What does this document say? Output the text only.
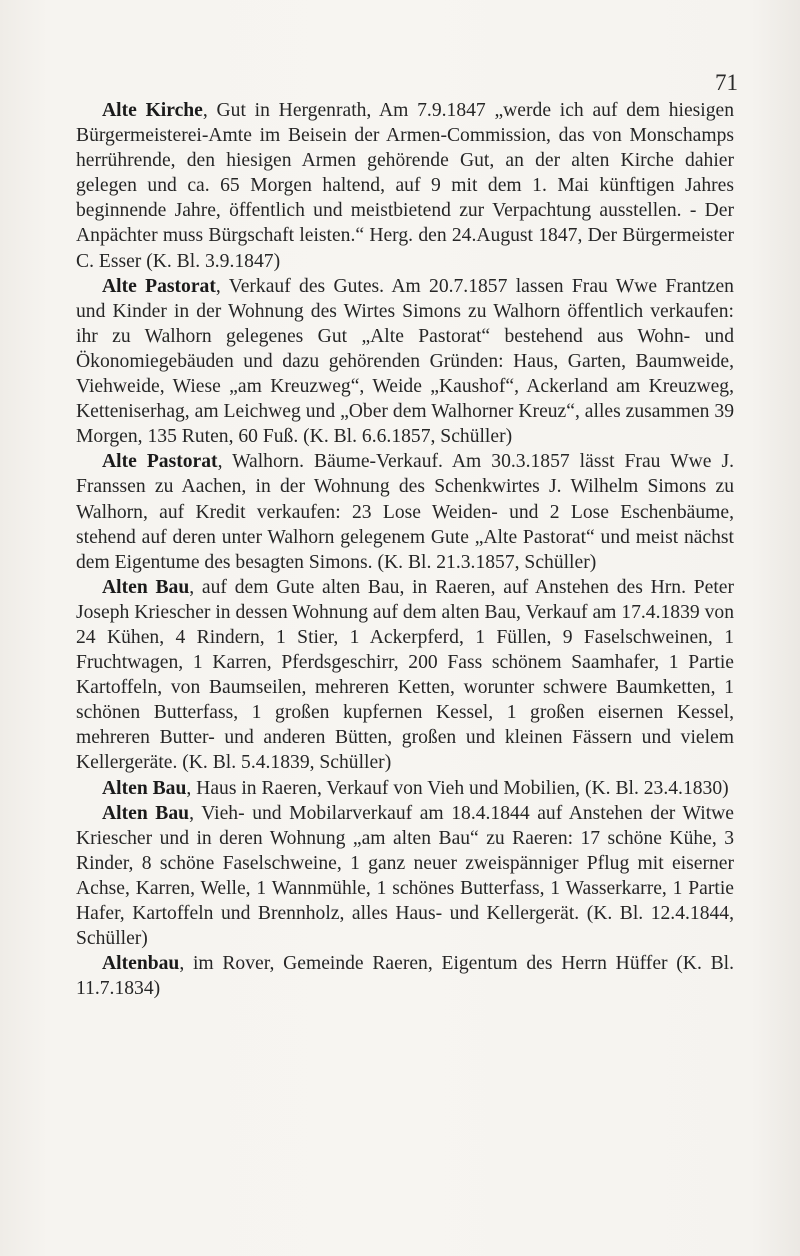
71

Alte Kirche, Gut in Hergenrath, Am 7.9.1847 „werde ich auf dem hiesigen Bürgermeisterei-Amte im Beisein der Armen-Commission, das von Monschamps herrührende, den hiesigen Armen gehörende Gut, an der alten Kirche dahier gelegen und ca. 65 Morgen haltend, auf 9 mit dem 1. Mai künftigen Jahres beginnende Jahre, öffentlich und meistbietend zur Verpachtung ausstellen. - Der Anpächter muss Bürgschaft leisten.“ Herg. den 24.August 1847, Der Bürgermeister C. Esser (K. Bl. 3.9.1847)

Alte Pastorat, Verkauf des Gutes. Am 20.7.1857 lassen Frau Wwe Frantzen und Kinder in der Wohnung des Wirtes Simons zu Walhorn öffentlich verkaufen: ihr zu Walhorn gelegenes Gut „Alte Pastorat“ bestehend aus Wohn- und Ökonomiegebäuden und dazu gehörenden Gründen: Haus, Garten, Baumweide, Viehweide, Wiese „am Kreuzweg“, Weide „Kaushof“, Ackerland am Kreuzweg, Ketteniserhag, am Leichweg und „Ober dem Walhorner Kreuz“, alles zusammen 39 Morgen, 135 Ruten, 60 Fuß. (K. Bl. 6.6.1857, Schüller)

Alte Pastorat, Walhorn. Bäume-Verkauf. Am 30.3.1857 lässt Frau Wwe J. Franssen zu Aachen, in der Wohnung des Schenkwirtes J. Wilhelm Simons zu Walhorn, auf Kredit verkaufen: 23 Lose Weiden- und 2 Lose Eschenbäume, stehend auf deren unter Walhorn gelegenem Gute „Alte Pastorat“ und meist nächst dem Eigentume des besagten Simons. (K. Bl. 21.3.1857, Schüller)

Alten Bau, auf dem Gute alten Bau, in Raeren, auf Anstehen des Hrn. Peter Joseph Kriescher in dessen Wohnung auf dem alten Bau, Verkauf am 17.4.1839 von 24 Kühen, 4 Rindern, 1 Stier, 1 Ackerpferd, 1 Füllen, 9 Faselschweinen, 1 Fruchtwagen, 1 Karren, Pferdsgeschirr, 200 Fass schönem Saamhafer, 1 Partie Kartoffeln, von Baumseilen, mehreren Ketten, worunter schwere Baumketten, 1 schönen Butterfass, 1 großen kupfernen Kessel, 1 großen eisernen Kessel, mehreren Butter- und anderen Bütten, großen und kleinen Fässern und vielem Kellergeräte. (K. Bl. 5.4.1839, Schüller)

Alten Bau, Haus in Raeren, Verkauf von Vieh und Mobilien, (K. Bl. 23.4.1830)

Alten Bau, Vieh- und Mobilarverkauf am 18.4.1844 auf Anstehen der Witwe Kriescher und in deren Wohnung „am alten Bau“ zu Raeren: 17 schöne Kühe, 3 Rinder, 8 schöne Faselschweine, 1 ganz neuer zweispänniger Pflug mit eiserner Achse, Karren, Welle, 1 Wannmühle, 1 schönes Butterfass, 1 Wasserkarre, 1 Partie Hafer, Kartoffeln und Brennholz, alles Haus- und Kellergerät. (K. Bl. 12.4.1844, Schüller)

Altenbau, im Rover, Gemeinde Raeren, Eigentum des Herrn Hüffer (K. Bl. 11.7.1834)
